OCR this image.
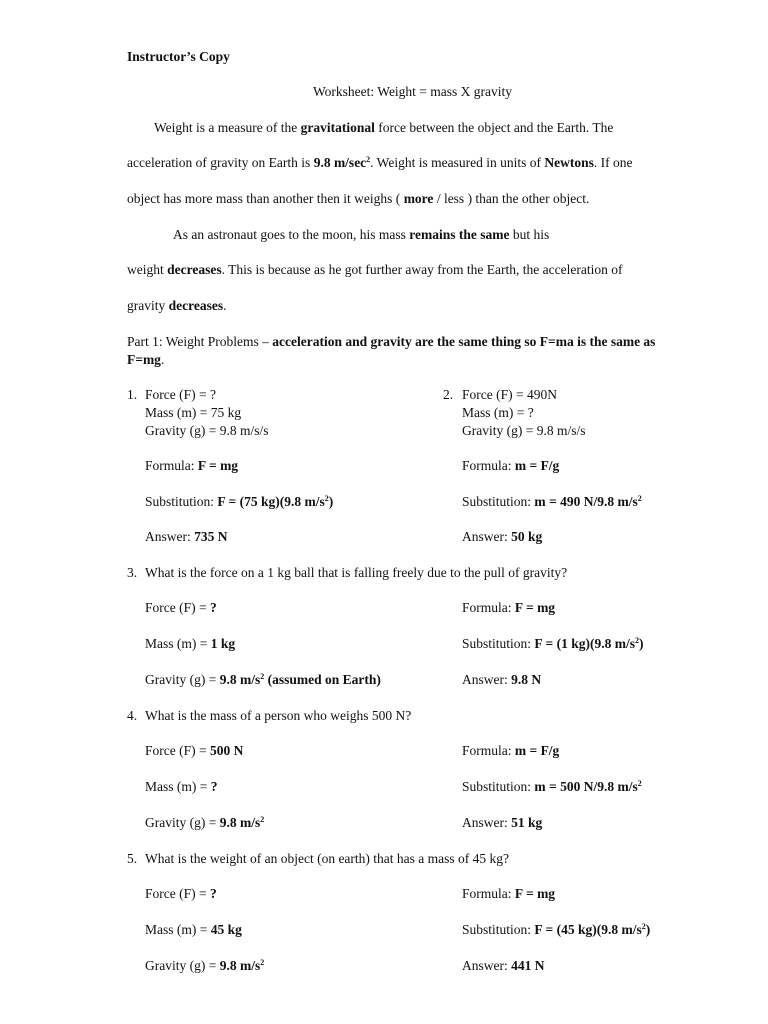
Instructor’s Copy
Worksheet: Weight = mass X gravity
Weight is a measure of the gravitational force between the object and the Earth. The
acceleration of gravity on Earth is 9.8 $m/\sec^2$. Weight is measured in units of Newtons. If one
object has more mass than another then it weighs ( more / less ) than the other object.
As an astronaut goes to the moon, his mass remains the same but his
weight decreases. This is because as he got further away from the Earth, the acceleration of
gravity decreases.
Part 1: Weight Problems – acceleration and gravity are the same thing so F=ma is the same as
F=mg.
1. Force (F) = ?
Mass (m) = 75 kg
Gravity (g) = 9.8 m/s/s
Formula: F = mg
Substitution: F = (75 kg)(9.8 $m/s^2$)
Answer: 735 N
2. Force (F) = 490N
Mass (m) = ?
Gravity (g) = 9.8 m/s/s
Formula: m = F/g
Substitution: m = 490 N/9.8 $m/s^2$
Answer: 50 kg
3. What is the force on a 1 kg ball that is falling freely due to the pull of gravity?
Force (F) = ?
Mass (m) = 1 kg
Gravity (g) = 9.8 $m/s^2$ (assumed on Earth)
Formula: F = mg
Substitution: F = (1 kg)(9.8 $m/s^2$)
Answer: 9.8 N
4. What is the mass of a person who weighs 500 N?
Force (F) = 500 N
Mass (m) = ?
Gravity (g) = 9.8 $m/s^2$
Formula: m = F/g
Substitution: m = 500 N/9.8 $m/s^2$
Answer: 51 kg
5. What is the weight of an object (on earth) that has a mass of 45 kg?
Force (F) = ?
Mass (m) = 45 kg
Gravity (g) = 9.8 $m/s^2$
Formula: F = mg
Substitution: F = (45 kg)(9.8 $m/s^2$)
Answer: 441 N
